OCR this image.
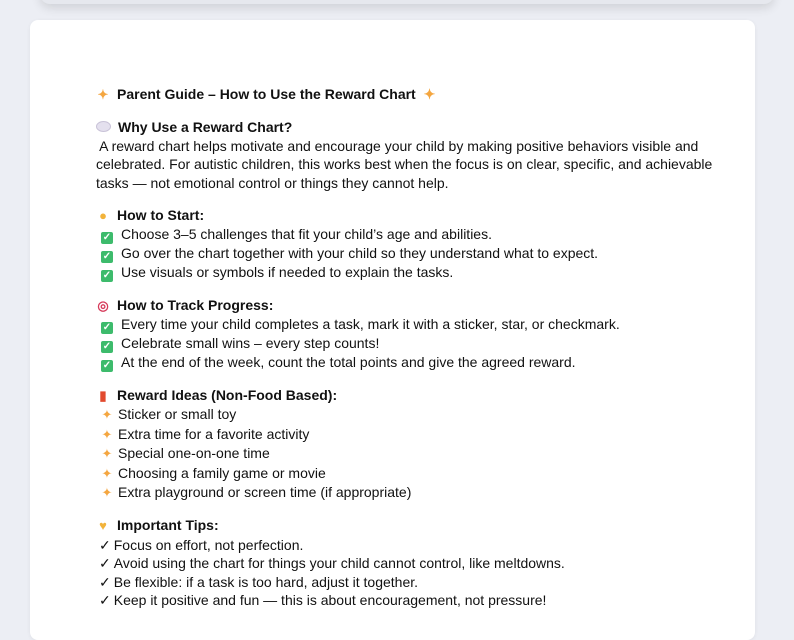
✦ Parent Guide – How to Use the Reward Chart ✦
Why Use a Reward Chart?
A reward chart helps motivate and encourage your child by making positive behaviors visible and
celebrated. For autistic children, this works best when the focus is on clear, specific, and achievable
tasks — not emotional control or things they cannot help.
● How to Start:
✓ Choose 3–5 challenges that fit your child’s age and abilities.
✓ Go over the chart together with your child so they understand what to expect.
✓ Use visuals or symbols if needed to explain the tasks.
◎ How to Track Progress:
✓ Every time your child completes a task, mark it with a sticker, star, or checkmark.
✓ Celebrate small wins – every step counts!
✓ At the end of the week, count the total points and give the agreed reward.
▮ Reward Ideas (Non-Food Based):
✦ Sticker or small toy
✦ Extra time for a favorite activity
✦ Special one-on-one time
✦ Choosing a family game or movie
✦ Extra playground or screen time (if appropriate)
♥ Important Tips:
✓ Focus on effort, not perfection.
✓ Avoid using the chart for things your child cannot control, like meltdowns.
✓ Be flexible: if a task is too hard, adjust it together.
✓ Keep it positive and fun — this is about encouragement, not pressure!
